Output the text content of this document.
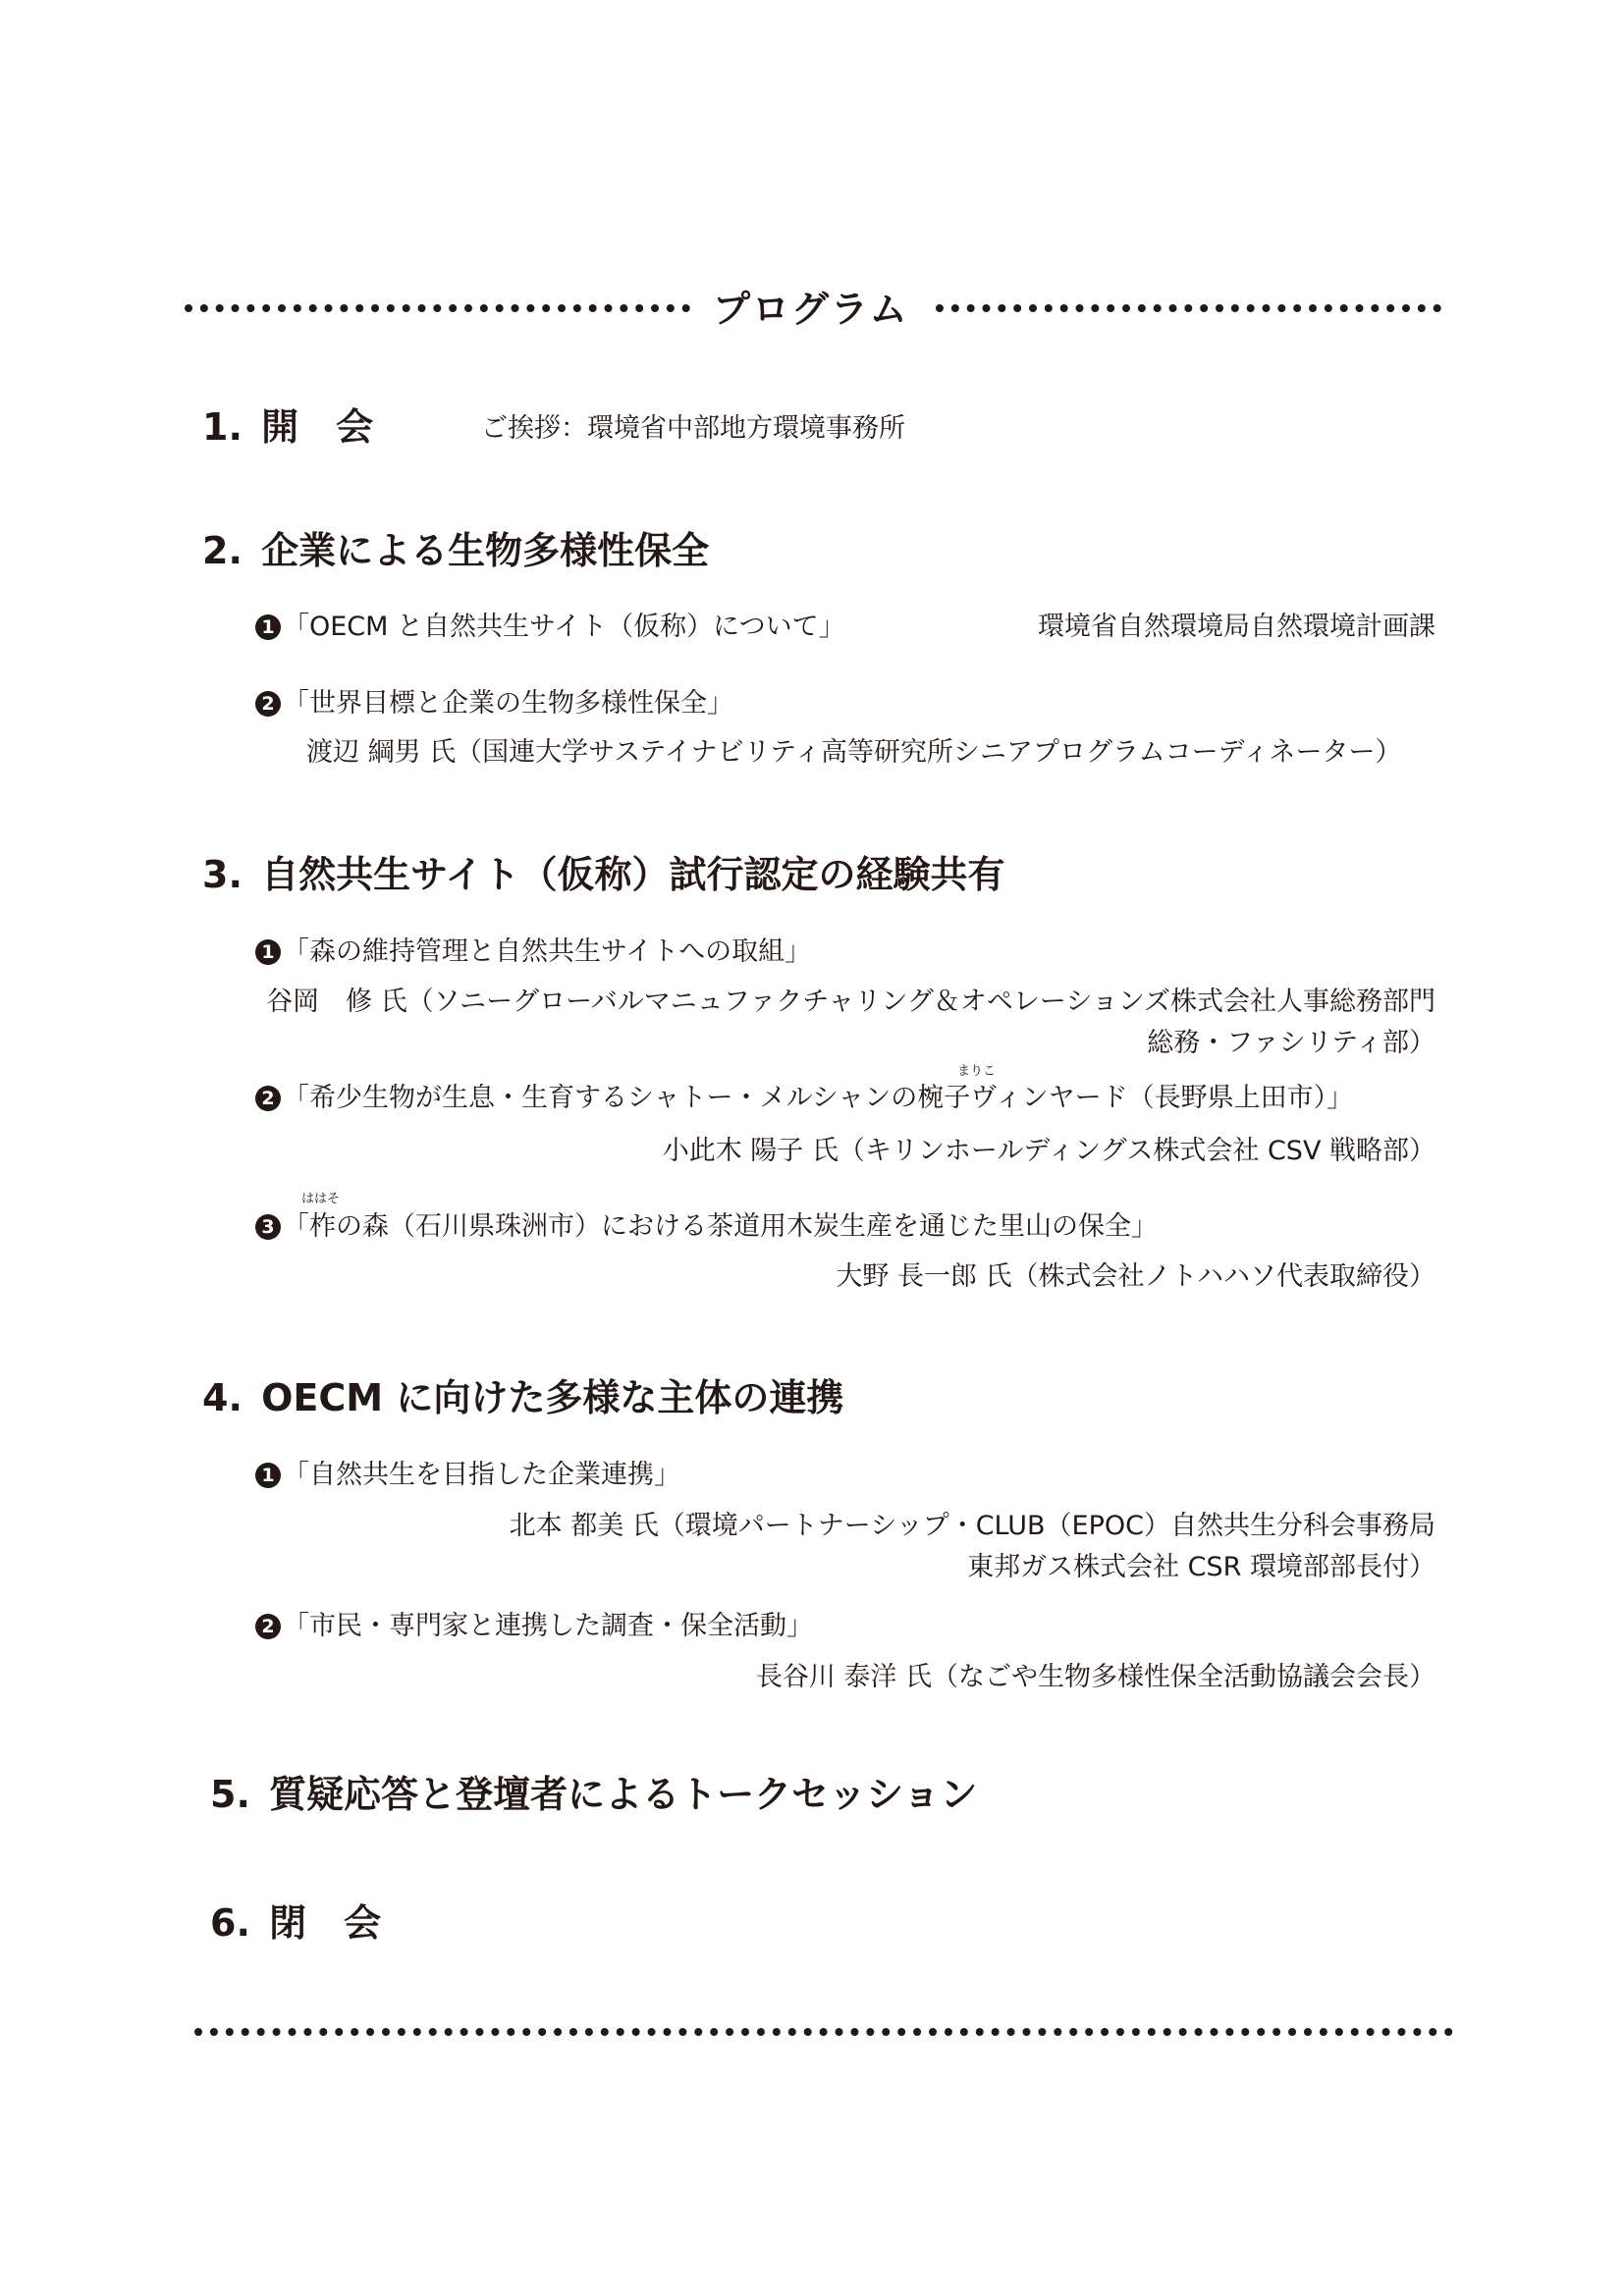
プログラム
1. 開　会	ご挨拶：環境省中部地方環境事務所
2. 企業による生物多様性保全
1 「OECM と自然共生サイト（仮称）について」	環境省自然環境局自然環境計画課
2 「世界目標と企業の生物多様性保全」
渡辺 綱男 氏（国連大学サステイナビリティ高等研究所シニアプログラムコーディネーター）
3. 自然共生サイト（仮称）試行認定の経験共有
1 「森の維持管理と自然共生サイトへの取組」
谷岡　修 氏（ソニーグローバルマニュファクチャリング＆オペレーションズ株式会社人事総務部門
総務・ファシリティ部）
まりこ
2 「希少生物が生息・生育するシャトー・メルシャンの椀子ヴィンヤード（長野県上田市）」
小此木 陽子 氏（キリンホールディングス株式会社 CSV 戦略部）
ははそ
3 「柞の森（石川県珠洲市）における茶道用木炭生産を通じた里山の保全」
大野 長一郎 氏（株式会社ノトハハソ代表取締役）
4. OECM に向けた多様な主体の連携
1 「自然共生を目指した企業連携」
北本 都美 氏（環境パートナーシップ・CLUB（EPOC）自然共生分科会事務局
東邦ガス株式会社 CSR 環境部部長付）
2 「市民・専門家と連携した調査・保全活動」
長谷川 泰洋 氏（なごや生物多様性保全活動協議会会長）
5. 質疑応答と登壇者によるトークセッション
6. 閉　会
